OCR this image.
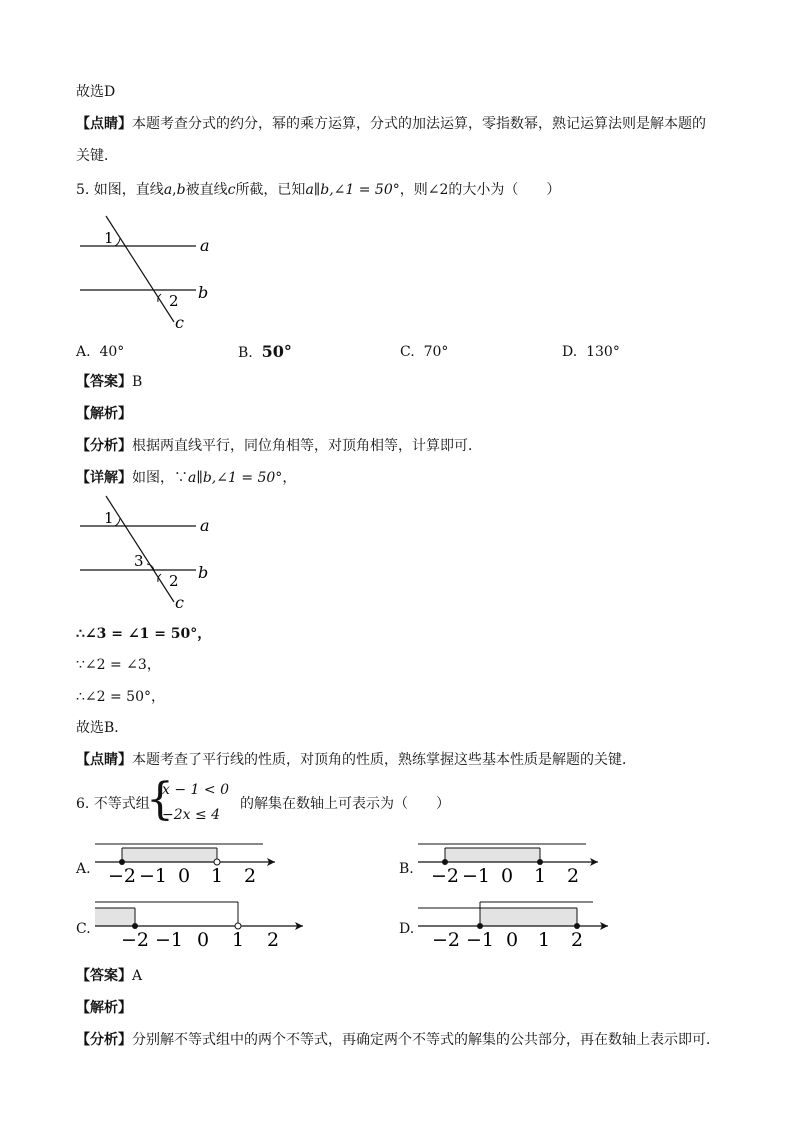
故选D
【点睛】本题考查分式的约分，幂的乘方运算，分式的加法运算，零指数幂，熟记运算法则是解本题的
关键．
5. 如图，直线a,b被直线c所截，已知a∥b,∠1 = 50°，则∠2的大小为（　　）
1
2
a
b
c
A. 40°	B. 50°	C. 70°	D. 130°
【答案】B
【解析】
【分析】根据两直线平行，同位角相等，对顶角相等，计算即可．
【详解】如图，∵a∥b,∠1 = 50°，
1
3
2
a
b
c
∴∠3 = ∠1 = 50°，
∵∠2 = ∠3，
∴∠2 = 50°，
故选B．
【点睛】本题考查了平行线的性质，对顶角的性质，熟练掌握这些基本性质是解题的关键．
6. 不等式组
{
x − 1 < 0
−2x ≤ 4
的解集在数轴上可表示为（　　）
A. −2 −1 0 1 2	B. −2 −1 0 1 2
C. −2 −1 0 1 2	D. −2 −1 0 1 2
【答案】A
【解析】
【分析】分别解不等式组中的两个不等式，再确定两个不等式的解集的公共部分，再在数轴上表示即可．
